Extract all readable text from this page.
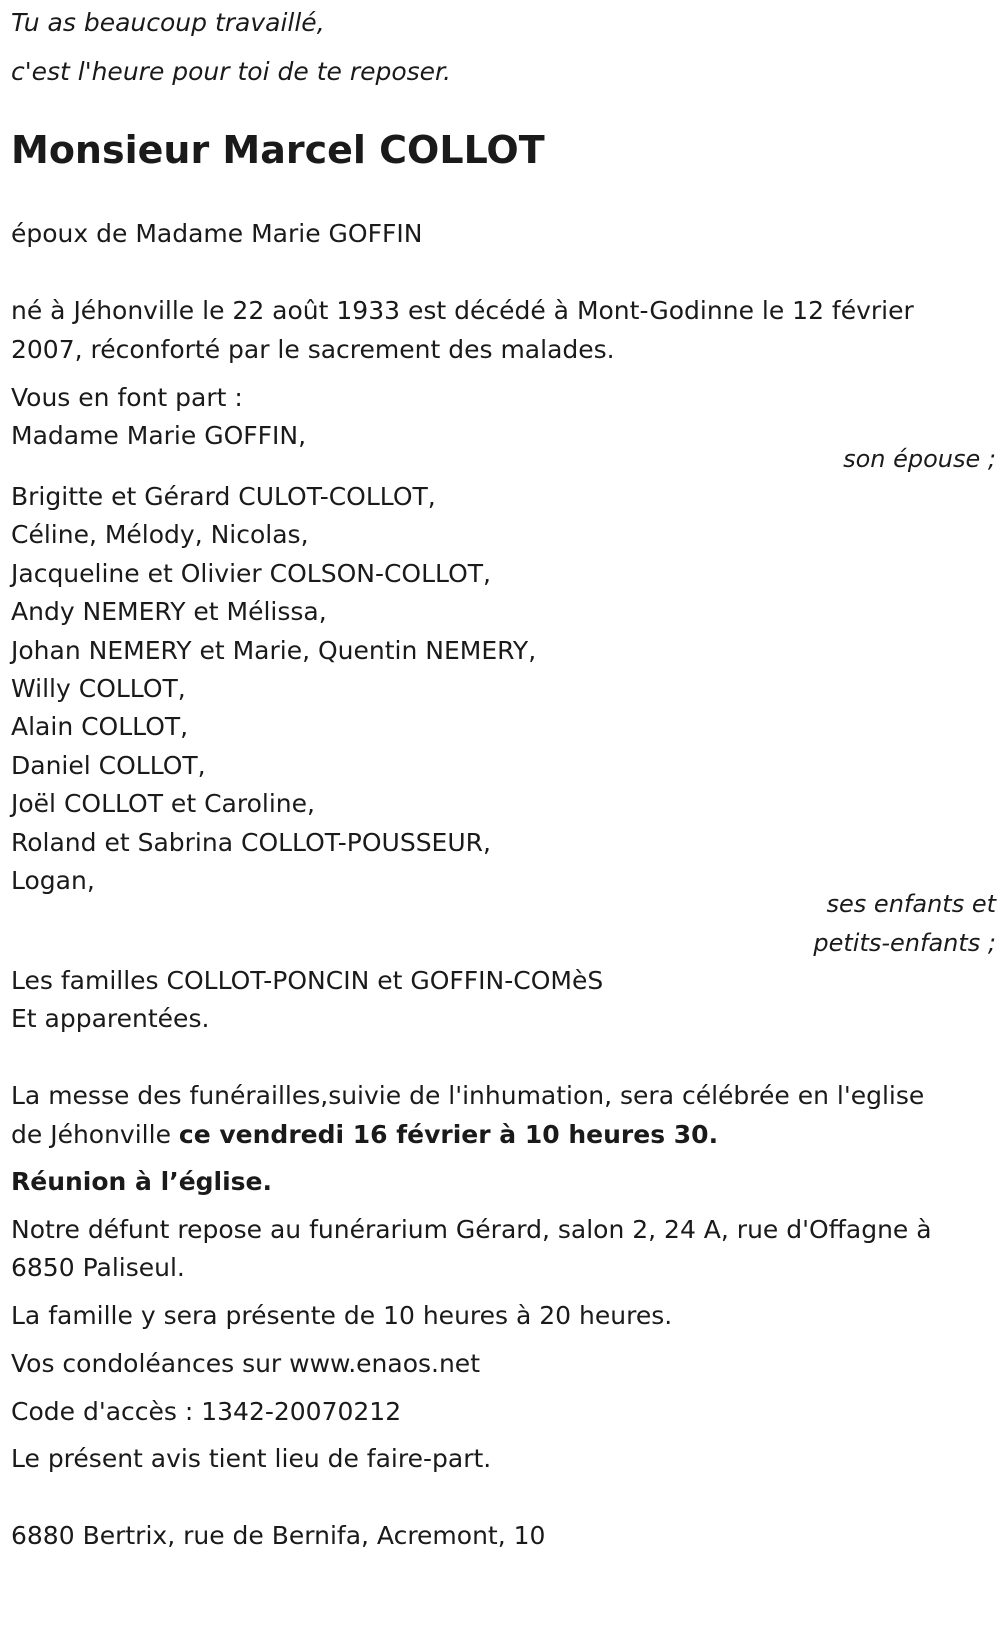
Tu as beaucoup travaillé,
c'est l'heure pour toi de te reposer.
Monsieur Marcel COLLOT
époux de Madame Marie GOFFIN
né à Jéhonville le 22 août 1933 est décédé à Mont-Godinne le 12 février
2007, réconforté par le sacrement des malades.
Vous en font part :
Madame Marie GOFFIN,
son épouse ;
Brigitte et Gérard CULOT-COLLOT,
Céline, Mélody, Nicolas,
Jacqueline et Olivier COLSON-COLLOT,
Andy NEMERY et Mélissa,
Johan NEMERY et Marie, Quentin NEMERY,
Willy COLLOT,
Alain COLLOT,
Daniel COLLOT,
Joël COLLOT et Caroline,
Roland et Sabrina COLLOT-POUSSEUR,
Logan,
ses enfants et
petits-enfants ;
Les familles COLLOT-PONCIN et GOFFIN-COMèS
Et apparentées.
La messe des funérailles,suivie de l'inhumation, sera célébrée en l'eglise
de Jéhonville ce vendredi 16 février à 10 heures 30.
Réunion à l’église.
Notre défunt repose au funérarium Gérard, salon 2, 24 A, rue d'Offagne à
6850 Paliseul.
La famille y sera présente de 10 heures à 20 heures.
Vos condoléances sur www.enaos.net
Code d'accès : 1342-20070212
Le présent avis tient lieu de faire-part.
6880 Bertrix, rue de Bernifa, Acremont, 10
